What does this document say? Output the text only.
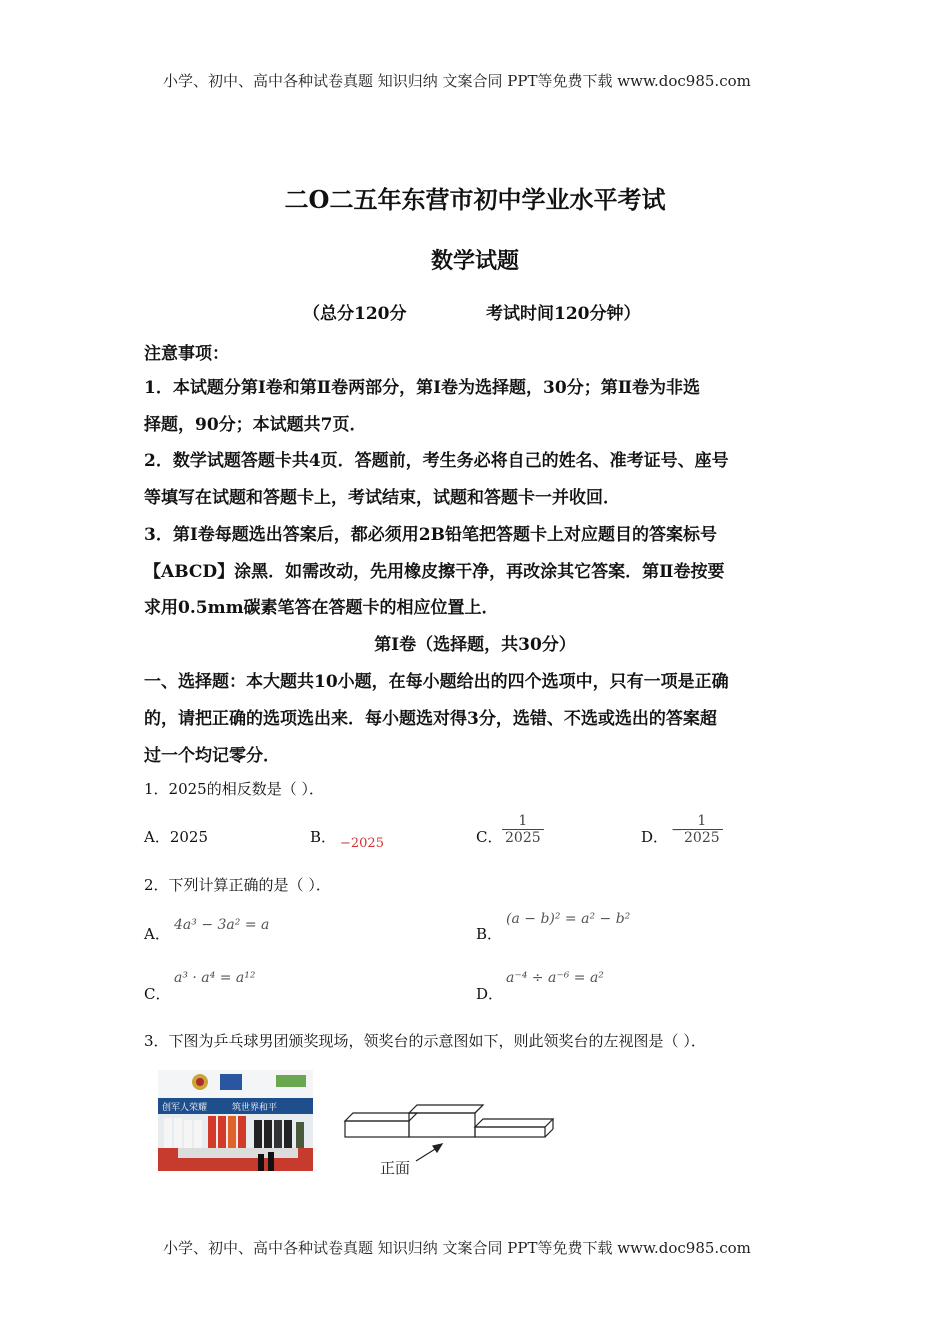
小学、初中、高中各种试卷真题 知识归纳 文案合同 PPT等免费下载 www.doc985.com
二O二五年东营市初中学业水平考试
数学试题
（总分120分	考试时间120分钟）
注意事项：
1．本试题分第Ⅰ卷和第Ⅱ卷两部分，第Ⅰ卷为选择题，30分；第Ⅱ卷为非选
择题，90分；本试题共7页．
2．数学试题答题卡共4页．答题前，考生务必将自己的姓名、准考证号、座号
等填写在试题和答题卡上，考试结束，试题和答题卡一并收回．
3．第Ⅰ卷每题选出答案后，都必须用2B铅笔把答题卡上对应题目的答案标号
【ABCD】涂黑．如需改动，先用橡皮擦干净，再改涂其它答案．第Ⅱ卷按要
求用0.5mm碳素笔答在答题卡的相应位置上．
第Ⅰ卷（选择题，共30分）
一、选择题：本大题共10小题，在每小题给出的四个选项中，只有一项是正确
的，请把正确的选项选出来．每小题选对得3分，选错、不选或选出的答案超
过一个均记零分．
1．2025的相反数是（ ）．
A．2025	B． −2025	C． $\frac{1}{2025}$	D． −
$\frac{1}{2025}$
2．下列计算正确的是（ ）．
A． 4a³ − 3a² = a	B．
(a − b)² = a² − b²
C．
a³ · a⁴ = a¹²
D．
a⁻⁴ ÷ a⁻⁶ = a²
3．下图为乒乓球男团颁奖现场，领奖台的示意图如下，则此领奖台的左视图是（ ）．
创军人荣耀	筑世界和平
正面
小学、初中、高中各种试卷真题 知识归纳 文案合同 PPT等免费下载 www.doc985.com
